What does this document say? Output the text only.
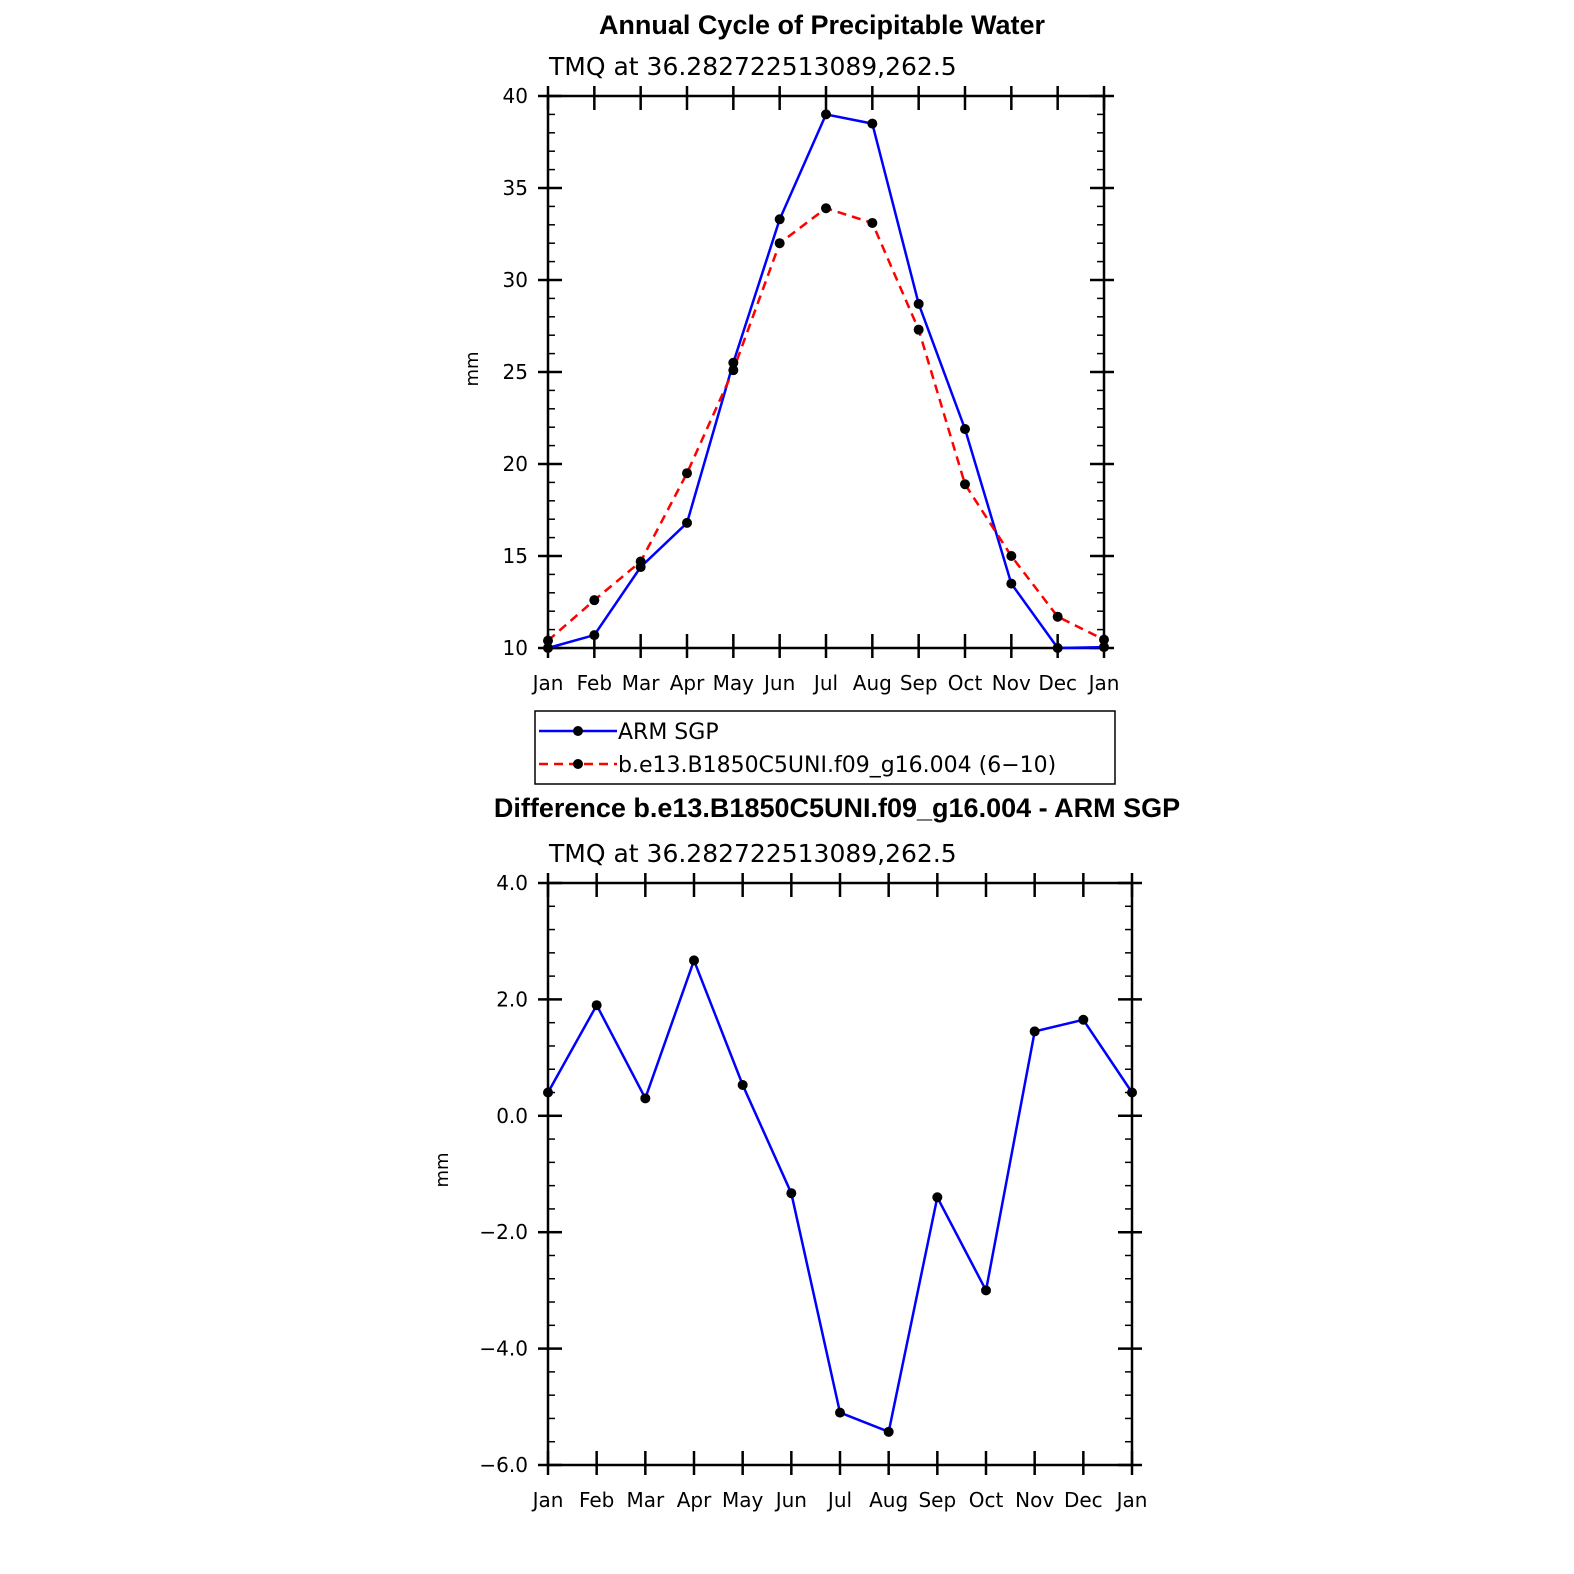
Annual Cycle of Precipitable Water
TMQ at 36.282722513089,262.5
mm
10
15
20
25
30
35
40
Jan Feb Mar Apr May Jun Jul Aug Sep Oct Nov Dec Jan
ARM SGP
b.e13.B1850C5UNI.f09_g16.004 (6−10)
Difference b.e13.B1850C5UNI.f09_g16.004 - ARM SGP
TMQ at 36.282722513089,262.5
mm
−6.0
−4.0
−2.0
0.0
2.0
4.0
Jan Feb Mar Apr May Jun Jul Aug Sep Oct Nov Dec Jan
